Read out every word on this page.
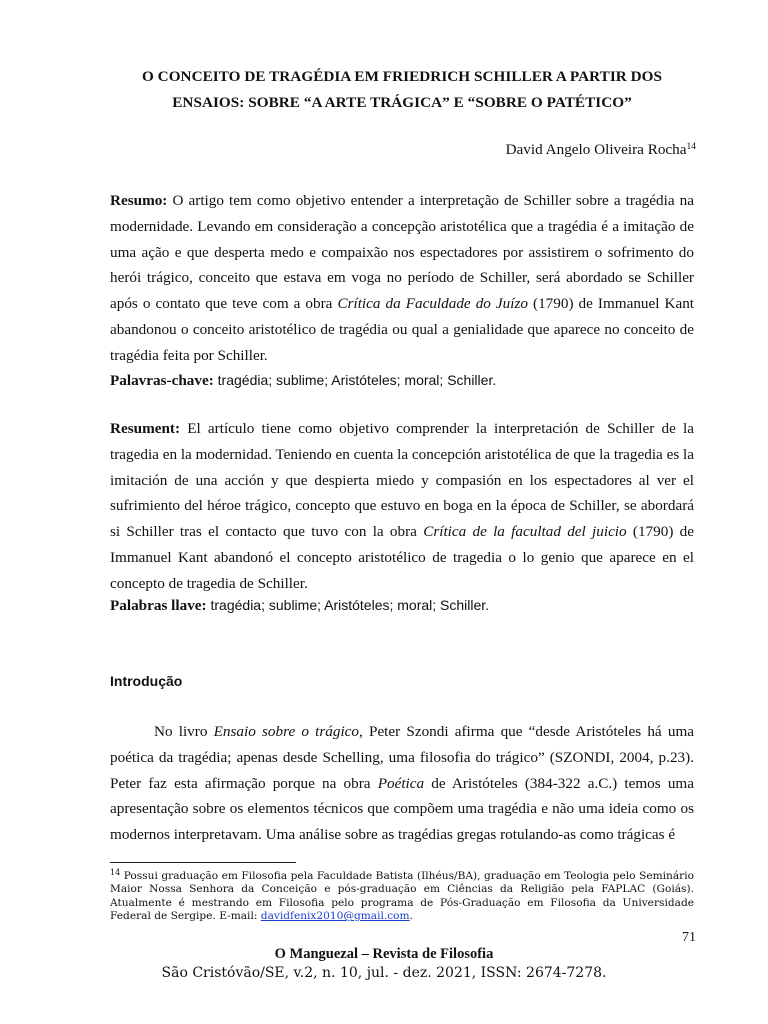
O CONCEITO DE TRAGÉDIA EM FRIEDRICH SCHILLER A PARTIR DOS
ENSAIOS: SOBRE “A ARTE TRÁGICA” E “SOBRE O PATÉTICO”
David Angelo Oliveira Rocha$^{14}$

Resumo: O artigo tem como objetivo entender a interpretação de Schiller sobre a tragédia na modernidade. Levando em consideração a concepção aristotélica que a tragédia é a imitação de uma ação e que desperta medo e compaixão nos espectadores por assistirem o sofrimento do herói trágico, conceito que estava em voga no período de Schiller, será abordado se Schiller após o contato que teve com a obra Crítica da Faculdade do Juízo (1790) de Immanuel Kant abandonou o conceito aristotélico de tragédia ou qual a genialidade que aparece no conceito de tragédia feita por Schiller.

Palavras-chave: tragédia; sublime; Aristóteles; moral; Schiller.

Resument: El artículo tiene como objetivo comprender la interpretación de Schiller de la tragedia en la modernidad. Teniendo en cuenta la concepción aristotélica de que la tragedia es la imitación de una acción y que despierta miedo y compasión en los espectadores al ver el sufrimiento del héroe trágico, concepto que estuvo en boga en la época de Schiller, se abordará si Schiller tras el contacto que tuvo con la obra Crítica de la facultad del juicio (1790) de Immanuel Kant abandonó el concepto aristotélico de tragedia o lo genio que aparece en el concepto de tragedia de Schiller.

Palabras llave: tragédia; sublime; Aristóteles; moral; Schiller.

Introdução

No livro Ensaio sobre o trágico, Peter Szondi afirma que “desde Aristóteles há uma poética da tragédia; apenas desde Schelling, uma filosofia do trágico” (SZONDI, 2004, p.23). Peter faz esta afirmação porque na obra Poética de Aristóteles (384-322 a.C.) temos uma apresentação sobre os elementos técnicos que compõem uma tragédia e não uma ideia como os modernos interpretavam. Uma análise sobre as tragédias gregas rotulando-as como trágicas é

$^{14}$ Possui graduação em Filosofia pela Faculdade Batista (Ilhéus/BA), graduação em Teologia pelo Seminário Maior Nossa Senhora da Conceição e pós-graduação em Ciências da Religião pela FAPLAC (Goiás). Atualmente é mestrando em Filosofia pelo programa de Pós-Graduação em Filosofia da Universidade Federal de Sergipe. E-mail: davidfenix2010@gmail.com.

71
O Manguezal – Revista de Filosofia
São Cristóvão/SE, v.2, n. 10, jul. - dez. 2021, ISSN: 2674-7278.
